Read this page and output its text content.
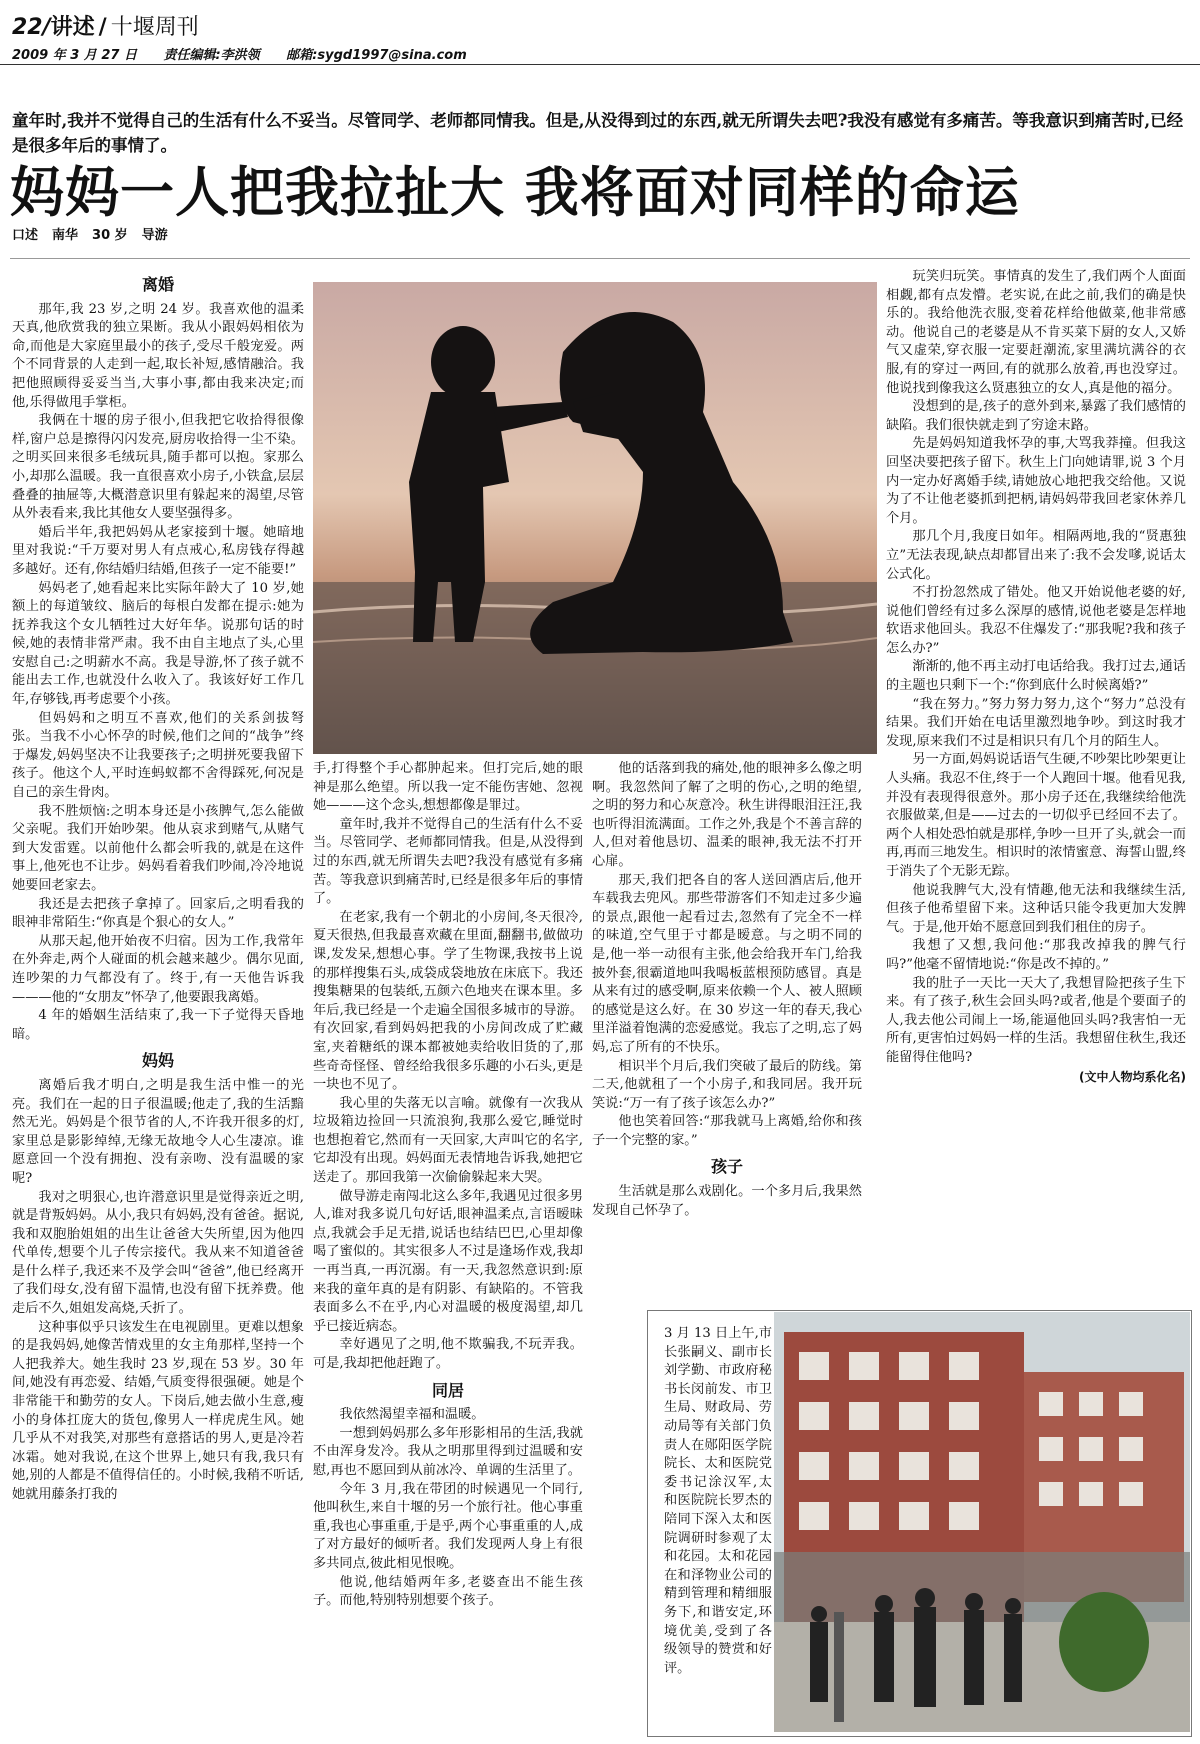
22/讲述 / 十堰周刊
2009 年 3 月 27 日 责任编辑:李洪领 邮箱:sygd1997@sina.com
童年时,我并不觉得自己的生活有什么不妥当。尽管同学、老师都同情我。但是,从没得到过的东西,就无所谓失去吧?我没有感觉有多痛苦。等我意识到痛苦时,已经是很多年后的事情了。
妈妈一人把我拉扯大 我将面对同样的命运
口述 南华 30 岁 导游
离婚

那年,我 23 岁,之明 24 岁。我喜欢他的温柔天真,他欣赏我的独立果断。我从小跟妈妈相依为命,而他是大家庭里最小的孩子,受尽千般宠爱。两个不同背景的人走到一起,取长补短,感情融洽。我把他照顾得妥妥当当,大事小事,都由我来决定;而他,乐得做甩手掌柜。

我俩在十堰的房子很小,但我把它收拾得很像样,窗户总是擦得闪闪发亮,厨房收拾得一尘不染。之明买回来很多毛绒玩具,随手都可以抱。家那么小,却那么温暖。我一直很喜欢小房子,小铁盒,层层叠叠的抽屉等,大概潜意识里有躲起来的渴望,尽管从外表看来,我比其他女人要坚强得多。

婚后半年,我把妈妈从老家接到十堰。她暗地里对我说:“千万要对男人有点戒心,私房钱存得越多越好。还有,你结婚归结婚,但孩子一定不能要!”

妈妈老了,她看起来比实际年龄大了 10 岁,她额上的每道皱纹、脑后的每根白发都在提示:她为抚养我这个女儿牺牲过大好年华。说那句话的时候,她的表情非常严肃。我不由自主地点了头,心里安慰自己:之明薪水不高。我是导游,怀了孩子就不能出去工作,也就没什么收入了。我该好好工作几年,存够钱,再考虑要个小孩。

但妈妈和之明互不喜欢,他们的关系剑拔弩张。当我不小心怀孕的时候,他们之间的“战争”终于爆发,妈妈坚决不让我要孩子;之明拼死要我留下孩子。他这个人,平时连蚂蚁都不舍得踩死,何况是自己的亲生骨肉。

我不胜烦恼:之明本身还是小孩脾气,怎么能做父亲呢。我们开始吵架。他从哀求到赌气,从赌气到大发雷霆。以前他什么都会听我的,就是在这件事上,他死也不让步。妈妈看着我们吵闹,冷冷地说她要回老家去。

我还是去把孩子拿掉了。回家后,之明看我的眼神非常陌生:“你真是个狠心的女人。”

从那天起,他开始夜不归宿。因为工作,我常年在外奔走,两个人碰面的机会越来越少。偶尔见面,连吵架的力气都没有了。终于,有一天他告诉我———他的“女朋友”怀孕了,他要跟我离婚。

4 年的婚姻生活结束了,我一下子觉得天昏地暗。

妈妈

离婚后我才明白,之明是我生活中惟一的光亮。我们在一起的日子很温暖;他走了,我的生活黯然无光。妈妈是个很节省的人,不许我开很多的灯,家里总是影影绰绰,无缘无故地令人心生凄凉。谁愿意回一个没有拥抱、没有亲吻、没有温暖的家呢?

我对之明狠心,也许潜意识里是觉得亲近之明,就是背叛妈妈。从小,我只有妈妈,没有爸爸。据说,我和双胞胎姐姐的出生让爸爸大失所望,因为他四代单传,想要个儿子传宗接代。我从来不知道爸爸是什么样子,我还来不及学会叫“爸爸”,他已经离开了我们母女,没有留下温情,也没有留下抚养费。他走后不久,姐姐发高烧,夭折了。

这种事似乎只该发生在电视剧里。更难以想象的是我妈妈,她像苦情戏里的女主角那样,坚持一个人把我养大。她生我时 23 岁,现在 53 岁。30 年间,她没有再恋爱、结婚,气质变得很强硬。她是个非常能干和勤劳的女人。下岗后,她去做小生意,瘦小的身体扛庞大的货包,像男人一样虎虎生风。她几乎从不对我笑,对那些有意搭话的男人,更是冷若冰霜。她对我说,在这个世界上,她只有我,我只有她,别的人都是不值得信任的。小时候,我稍不听话,她就用藤条打我的

手,打得整个手心都肿起来。但打完后,她的眼神是那么绝望。所以我一定不能伤害她、忽视她———这个念头,想想都像是罪过。

童年时,我并不觉得自己的生活有什么不妥当。尽管同学、老师都同情我。但是,从没得到过的东西,就无所谓失去吧?我没有感觉有多痛苦。等我意识到痛苦时,已经是很多年后的事情了。

在老家,我有一个朝北的小房间,冬天很冷,夏天很热,但我最喜欢藏在里面,翻翻书,做做功课,发发呆,想想心事。学了生物课,我按书上说的那样搜集石头,成袋成袋地放在床底下。我还搜集糖果的包装纸,五颜六色地夹在课本里。多年后,我已经是一个走遍全国很多城市的导游。有次回家,看到妈妈把我的小房间改成了贮藏室,夹着糖纸的课本都被她卖给收旧货的了,那些奇奇怪怪、曾经给我很多乐趣的小石头,更是一块也不见了。

我心里的失落无以言喻。就像有一次我从垃圾箱边捡回一只流浪狗,我那么爱它,睡觉时也想抱着它,然而有一天回家,大声叫它的名字,它却没有出现。妈妈面无表情地告诉我,她把它送走了。那回我第一次偷偷躲起来大哭。

做导游走南闯北这么多年,我遇见过很多男人,谁对我多说几句好话,眼神温柔点,言语暧昧点,我就会手足无措,说话也结结巴巴,心里却像喝了蜜似的。其实很多人不过是逢场作戏,我却一再当真,一再沉溺。有一天,我忽然意识到:原来我的童年真的是有阴影、有缺陷的。不管我表面多么不在乎,内心对温暖的极度渴望,却几乎已接近病态。

幸好遇见了之明,他不欺骗我,不玩弄我。可是,我却把他赶跑了。

同居

我依然渴望幸福和温暖。

一想到妈妈那么多年形影相吊的生活,我就不由浑身发冷。我从之明那里得到过温暖和安慰,再也不愿回到从前冰冷、单调的生活里了。

今年 3 月,我在带团的时候遇见一个同行,他叫秋生,来自十堰的另一个旅行社。他心事重重,我也心事重重,于是乎,两个心事重重的人,成了对方最好的倾听者。我们发现两人身上有很多共同点,彼此相见恨晚。

他说,他结婚两年多,老婆查出不能生孩子。而他,特别特别想要个孩子。

他的话落到我的痛处,他的眼神多么像之明啊。我忽然间了解了之明的伤心,之明的绝望,之明的努力和心灰意冷。秋生讲得眼泪汪汪,我也听得泪流满面。工作之外,我是个不善言辞的人,但对着他恳切、温柔的眼神,我无法不打开心扉。

那天,我们把各自的客人送回酒店后,他开车载我去兜风。那些带游客们不知走过多少遍的景点,跟他一起看过去,忽然有了完全不一样的味道,空气里于寸都是暧意。与之明不同的是,他一举一动很有主张,他会给我开车门,给我披外套,很霸道地叫我喝板蓝根预防感冒。真是从来有过的感受啊,原来依赖一个人、被人照顾的感觉是这么好。在 30 岁这一年的春天,我心里洋溢着饱满的恋爱感觉。我忘了之明,忘了妈妈,忘了所有的不快乐。

相识半个月后,我们突破了最后的防线。第二天,他就租了一个小房子,和我同居。我开玩笑说:“万一有了孩子该怎么办?”

他也笑着回答:“那我就马上离婚,给你和孩子一个完整的家。”

孩子

生活就是那么戏剧化。一个多月后,我果然发现自己怀孕了。

玩笑归玩笑。事情真的发生了,我们两个人面面相觑,都有点发懵。老实说,在此之前,我们的确是快乐的。我给他洗衣服,变着花样给他做菜,他非常感动。他说自己的老婆是从不肯买菜下厨的女人,又娇气又虚荣,穿衣服一定要赶潮流,家里满坑满谷的衣服,有的穿过一两回,有的就那么放着,再也没穿过。他说找到像我这么贤惠独立的女人,真是他的福分。

没想到的是,孩子的意外到来,暴露了我们感情的缺陷。我们很快就走到了穷途末路。

先是妈妈知道我怀孕的事,大骂我莽撞。但我这回坚决要把孩子留下。秋生上门向她请罪,说 3 个月内一定办好离婚手续,请她放心地把我交给他。又说为了不让他老婆抓到把柄,请妈妈带我回老家休养几个月。

那几个月,我度日如年。相隔两地,我的“贤惠独立”无法表现,缺点却都冒出来了:我不会发嗲,说话太公式化。

不打扮忽然成了错处。他又开始说他老婆的好,说他们曾经有过多么深厚的感情,说他老婆是怎样地软语求他回头。我忍不住爆发了:“那我呢?我和孩子怎么办?”

渐渐的,他不再主动打电话给我。我打过去,通话的主题也只剩下一个:“你到底什么时候离婚?”

“我在努力。”努力努力努力,这个“努力”总没有结果。我们开始在电话里激烈地争吵。到这时我才发现,原来我们不过是相识只有几个月的陌生人。

另一方面,妈妈说话语气生硬,不吵架比吵架更让人头痛。我忍不住,终于一个人跑回十堰。他看见我,并没有表现得很意外。那小房子还在,我继续给他洗衣服做菜,但是——过去的一切似乎已经回不去了。两个人相处恐怕就是那样,争吵一旦开了头,就会一而再,再而三地发生。相识时的浓情蜜意、海誓山盟,终于消失了个无影无踪。

他说我脾气大,没有情趣,他无法和我继续生活,但孩子他希望留下来。这种话只能令我更加大发脾气。于是,他开始不愿意回到我们租住的房子。

我想了又想,我问他:“那我改掉我的脾气行吗?”他毫不留情地说:“你是改不掉的。”

我的肚子一天比一天大了,我想冒险把孩子生下来。有了孩子,秋生会回头吗?或者,他是个要面子的人,我去他公司闹上一场,能逼他回头吗?我害怕一无所有,更害怕过妈妈一样的生活。我想留住秋生,我还能留得住他吗?

(文中人物均系化名)

3 月 13 日上午,市长张嗣义、副市长刘学勤、市政府秘书长闵前发、市卫生局、财政局、劳动局等有关部门负责人在郧阳医学院院长、太和医院党委书记涂汉军,太和医院院长罗杰的陪同下深入太和医院调研时参观了太和花园。太和花园在和泽物业公司的精到管理和精细服务下,和谐安定,环境优美,受到了各级领导的赞赏和好评。
